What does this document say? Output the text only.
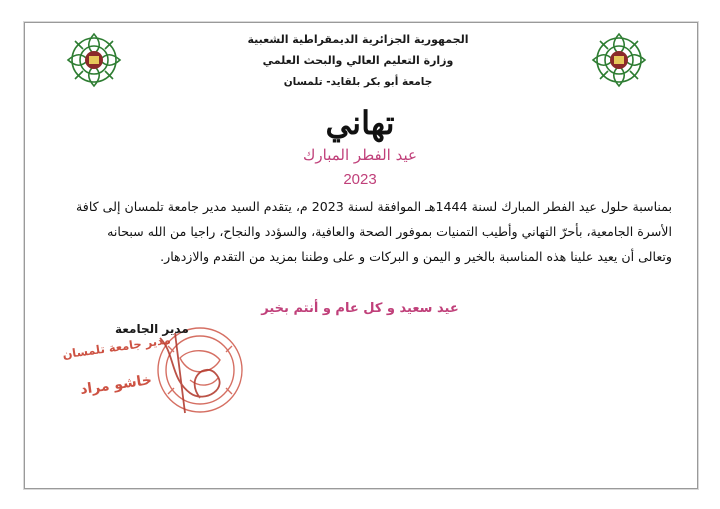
الجمهورية الجزائرية الديمقراطية الشعبية
وزارة التعليم العالي والبحث العلمي
جامعة أبو بكر بلقايد- تلمسان
تهاني
عيد الفطر المبارك
2023

بمناسبة حلول عيد الفطر المبارك لسنة 1444هـ الموافقة لسنة 2023 م، يتقدم السيد مدير جامعة تلمسان إلى كافة

الأسرة الجامعية، بأحرّ التهاني وأطيب التمنيات بموفور الصحة والعافية، والسؤدد والنجاح، راجيا من الله سبحانه

وتعالى أن يعيد علينا هذه المناسبة بالخير و اليمن و البركات و على وطننا بمزيد من التقدم والازدهار.

عيد سعيد و كل عام و أنتم بخير
مدير الجامعة
مدير جامعة تلمسان
خاشو مراد
